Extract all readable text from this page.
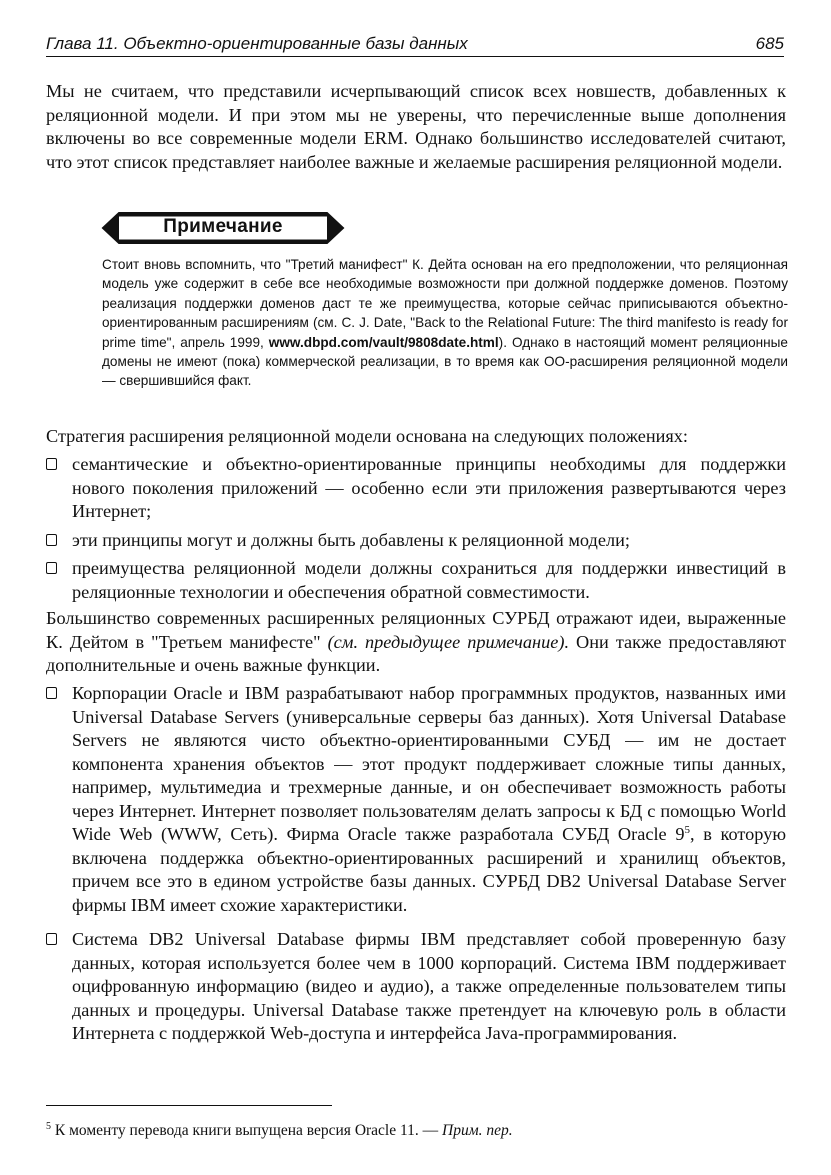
Глава 11. Объектно-ориентированные базы данных	685
Мы не считаем, что представили исчерпывающий список всех новшеств, добавленных к реляционной модели. И при этом мы не уверены, что перечисленные выше дополнения включены во все современные модели ERM. Однако большинство исследователей считают, что этот список представляет наиболее важные и желаемые расширения реляционной модели.
Примечание
Стоит вновь вспомнить, что "Третий манифест" К. Дейта основан на его предположении, что реляционная модель уже содержит в себе все необходимые возможности при должной поддержке доменов. Поэтому реализация поддержки доменов даст те же преимущества, которые сейчас приписываются объектно-ориентированным расширениям (см. C. J. Date, "Back to the Relational Future: The third manifesto is ready for prime time", апрель 1999, www.dbpd.com/vault/9808date.html). Однако в настоящий момент реляционные домены не имеют (пока) коммерческой реализации, в то время как ОО-расширения реляционной модели — свершившийся факт.
Стратегия расширения реляционной модели основана на следующих положениях:
семантические и объектно-ориентированные принципы необходимы для поддержки нового поколения приложений — особенно если эти приложения развертываются через Интернет;
эти принципы могут и должны быть добавлены к реляционной модели;
преимущества реляционной модели должны сохраниться для поддержки инвестиций в реляционные технологии и обеспечения обратной совместимости.
Большинство современных расширенных реляционных СУРБД отражают идеи, выраженные К. Дейтом в "Третьем манифесте" (см. предыдущее примечание). Они также предоставляют дополнительные и очень важные функции.
Корпорации Oracle и IBM разрабатывают набор программных продуктов, названных ими Universal Database Servers (универсальные серверы баз данных). Хотя Universal Database Servers не являются чисто объектно-ориентированными СУБД — им не достает компонента хранения объектов — этот продукт поддерживает сложные типы данных, например, мультимедиа и трехмерные данные, и он обеспечивает возможность работы через Интернет. Интернет позволяет пользователям делать запросы к БД с помощью World Wide Web (WWW, Сеть). Фирма Oracle также разработала СУБД Oracle $9^5$, в которую включена поддержка объектно-ориентированных расширений и хранилищ объектов, причем все это в едином устройстве базы данных. СУРБД DB2 Universal Database Server фирмы IBM имеет схожие характеристики.
Система DB2 Universal Database фирмы IBM представляет собой проверенную базу данных, которая используется более чем в 1000 корпораций. Система IBM поддерживает оцифрованную информацию (видео и аудио), а также определенные пользователем типы данных и процедуры. Universal Database также претендует на ключевую роль в области Интернета с поддержкой Web-доступа и интерфейса Java-программирования.
$^5$ К моменту перевода книги выпущена версия Oracle 11. — Прим. пер.
